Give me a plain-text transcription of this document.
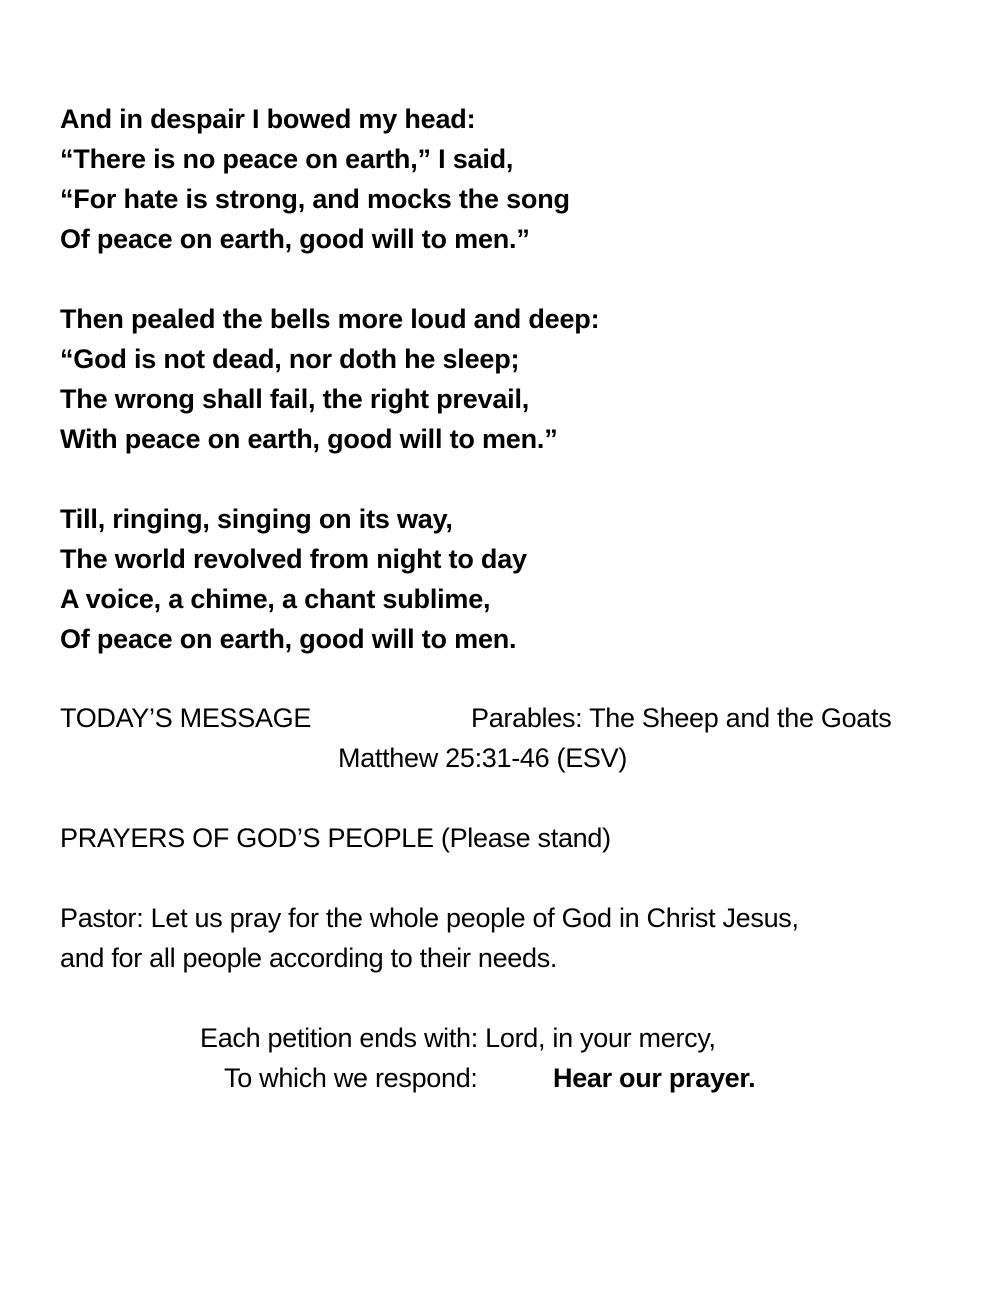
And in despair I bowed my head:
“There is no peace on earth,” I said,
“For hate is strong, and mocks the song
Of peace on earth, good will to men.”
Then pealed the bells more loud and deep:
“God is not dead, nor doth he sleep;
The wrong shall fail, the right prevail,
With peace on earth, good will to men.”
Till, ringing, singing on its way,
The world revolved from night to day
A voice, a chime, a chant sublime,
Of peace on earth, good will to men.
TODAY’S MESSAGE	Parables: The Sheep and the Goats
Matthew 25:31-46 (ESV)
PRAYERS OF GOD’S PEOPLE (Please stand)
Pastor: Let us pray for the whole people of God in Christ Jesus,
and for all people according to their needs.
Each petition ends with: Lord, in your mercy,
To which we respond:	Hear our prayer.
